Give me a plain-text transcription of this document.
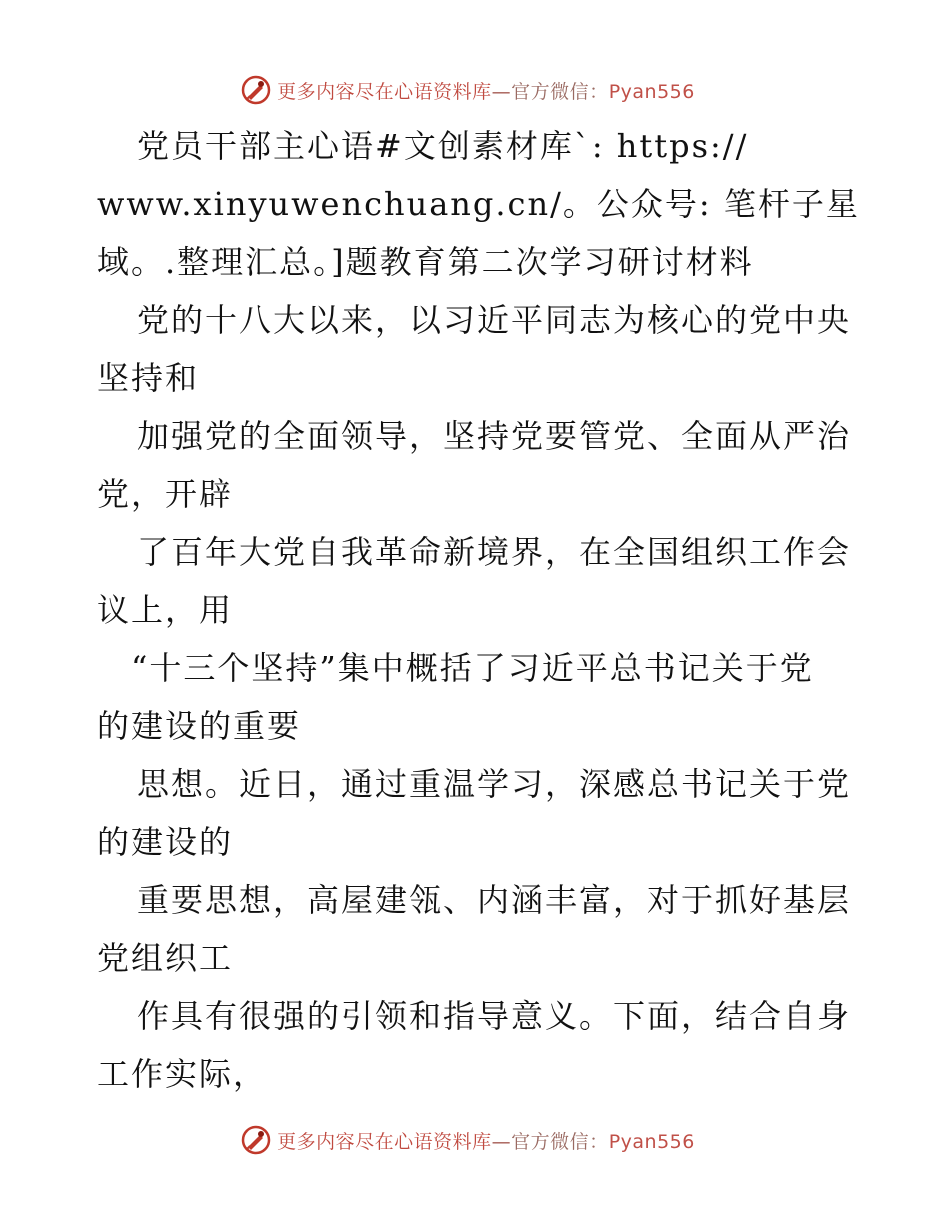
更多内容尽在心语资料库—官方微信：Pyan556
党员干部主心语#文创素材库`: https://
www.xinyuwenchuang.cn/。公众号: 笔杆子星
域。.整理汇总。]题教育第二次学习研讨材料
党的十八大以来，以习近平同志为核心的党中央
坚持和
加强党的全面领导，坚持党要管党、全面从严治
党，开辟
了百年大党自我革命新境界，在全国组织工作会
议上，用
“十三个坚持”集中概括了习近平总书记关于党
的建设的重要
思想。近日，通过重温学习，深感总书记关于党
的建设的
重要思想，高屋建瓴、内涵丰富，对于抓好基层
党组织工
作具有很强的引领和指导意义。下面，结合自身
工作实际，
更多内容尽在心语资料库—官方微信：Pyan556
